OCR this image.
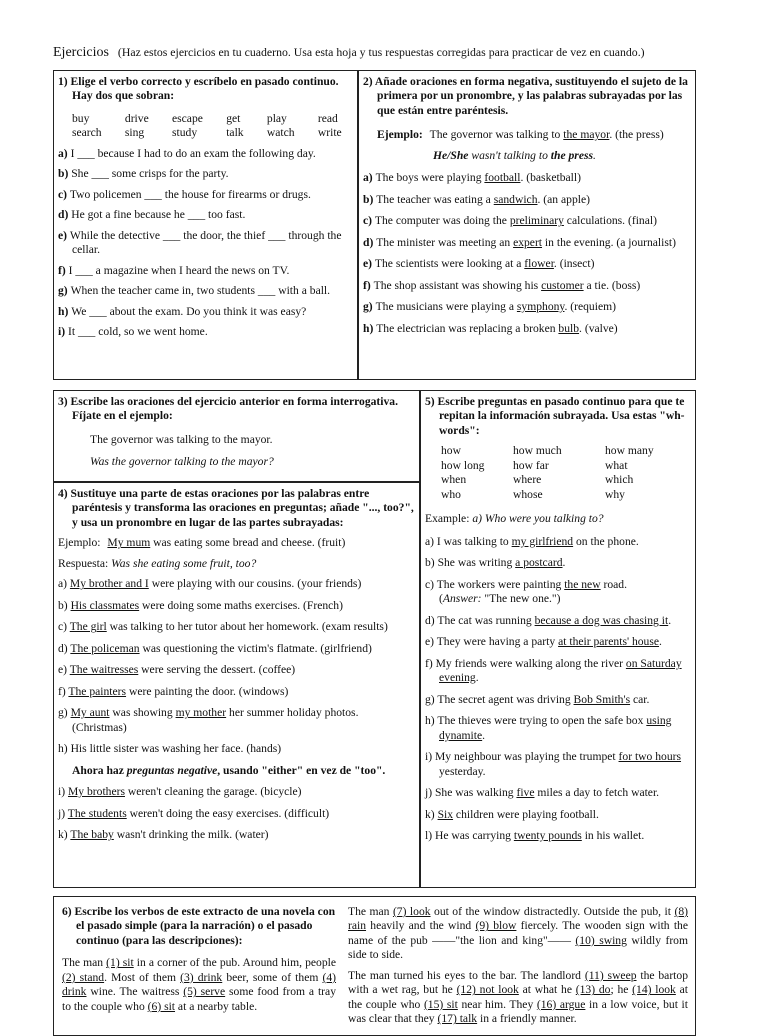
Ejercicios (Haz estos ejercicios en tu cuaderno. Usa esta hoja y tus respuestas corregidas para practicar de vez en cuando.)
1) Elige el verbo correcto y escríbelo en pasado continuo. Hay dos que sobran:
buy	drive	escape	get	play	read
search	sing	study	talk	watch	write
a) I ___ because I had to do an exam the following day.
b) She ___ some crisps for the party.
c) Two policemen ___ the house for firearms or drugs.
d) He got a fine because he ___ too fast.
e) While the detective ___ the door, the thief ___ through the cellar.
f) I ___ a magazine when I heard the news on TV.
g) When the teacher came in, two students ___ with a ball.
h) We ___ about the exam. Do you think it was easy?
i) It ___ cold, so we went home.
2) Añade oraciones en forma negativa, sustituyendo el sujeto de la primera por un pronombre, y las palabras subrayadas por las que están entre paréntesis.
Ejemplo: The governor was talking to the mayor. (the press)
He/She wasn't talking to the press.
a) The boys were playing football. (basketball)
b) The teacher was eating a sandwich. (an apple)
c) The computer was doing the preliminary calculations. (final)
d) The minister was meeting an expert in the evening. (a journalist)
e) The scientists were looking at a flower. (insect)
f) The shop assistant was showing his customer a tie. (boss)
g) The musicians were playing a symphony. (requiem)
h) The electrician was replacing a broken bulb. (valve)
3) Escribe las oraciones del ejercicio anterior en forma interrogativa. Fíjate en el ejemplo:
The governor was talking to the mayor.
Was the governor talking to the mayor?
4) Sustituye una parte de estas oraciones por las palabras entre paréntesis y transforma las oraciones en preguntas; añade "..., too?", y usa un pronombre en lugar de las partes subrayadas:
Ejemplo: My mum was eating some bread and cheese. (fruit)
Respuesta: Was she eating some fruit, too?
a) My brother and I were playing with our cousins. (your friends)
b) His classmates were doing some maths exercises. (French)
c) The girl was talking to her tutor about her homework. (exam results)
d) The policeman was questioning the victim's flatmate. (girlfriend)
e) The waitresses were serving the dessert. (coffee)
f) The painters were painting the door. (windows)
g) My aunt was showing my mother her summer holiday photos. (Christmas)
h) His little sister was washing her face. (hands)
Ahora haz preguntas negative, usando "either" en vez de "too".
i) My brothers weren't cleaning the garage. (bicycle)
j) The students weren't doing the easy exercises. (difficult)
k) The baby wasn't drinking the milk. (water)
5) Escribe preguntas en pasado continuo para que te repitan la información subrayada. Usa estas "wh- words":
how	how much	how many
how long	how far	what
when	where	which
who	whose	why
Example: a) Who were you talking to?
a) I was talking to my girlfriend on the phone.
b) She was writing a postcard.
c) The workers were painting the new road.
(Answer: "The new one.")
d) The cat was running because a dog was chasing it.
e) They were having a party at their parents' house.
f) My friends were walking along the river on Saturday evening.
g) The secret agent was driving Bob Smith's car.
h) The thieves were trying to open the safe box using dynamite.
i) My neighbour was playing the trumpet for two hours yesterday.
j) She was walking five miles a day to fetch water.
k) Six children were playing football.
l) He was carrying twenty pounds in his wallet.
6) Escribe los verbos de este extracto de una novela con el pasado simple (para la narración) o el pasado continuo (para las descripciones):
The man (1) sit in a corner of the pub. Around him, people (2) stand. Most of them (3) drink beer, some of them (4) drink wine. The waitress (5) serve some food from a tray to the couple who (6) sit at a nearby table.
The man (7) look out of the window distractedly. Outside the pub, it (8) rain heavily and the wind (9) blow fiercely. The wooden sign with the name of the pub ——"the lion and king"—— (10) swing wildly from side to side.
The man turned his eyes to the bar. The landlord (11) sweep the bartop with a wet rag, but he (12) not look at what he (13) do; he (14) look at the couple who (15) sit near him. They (16) argue in a low voice, but it was clear that they (17) talk in a friendly manner.
